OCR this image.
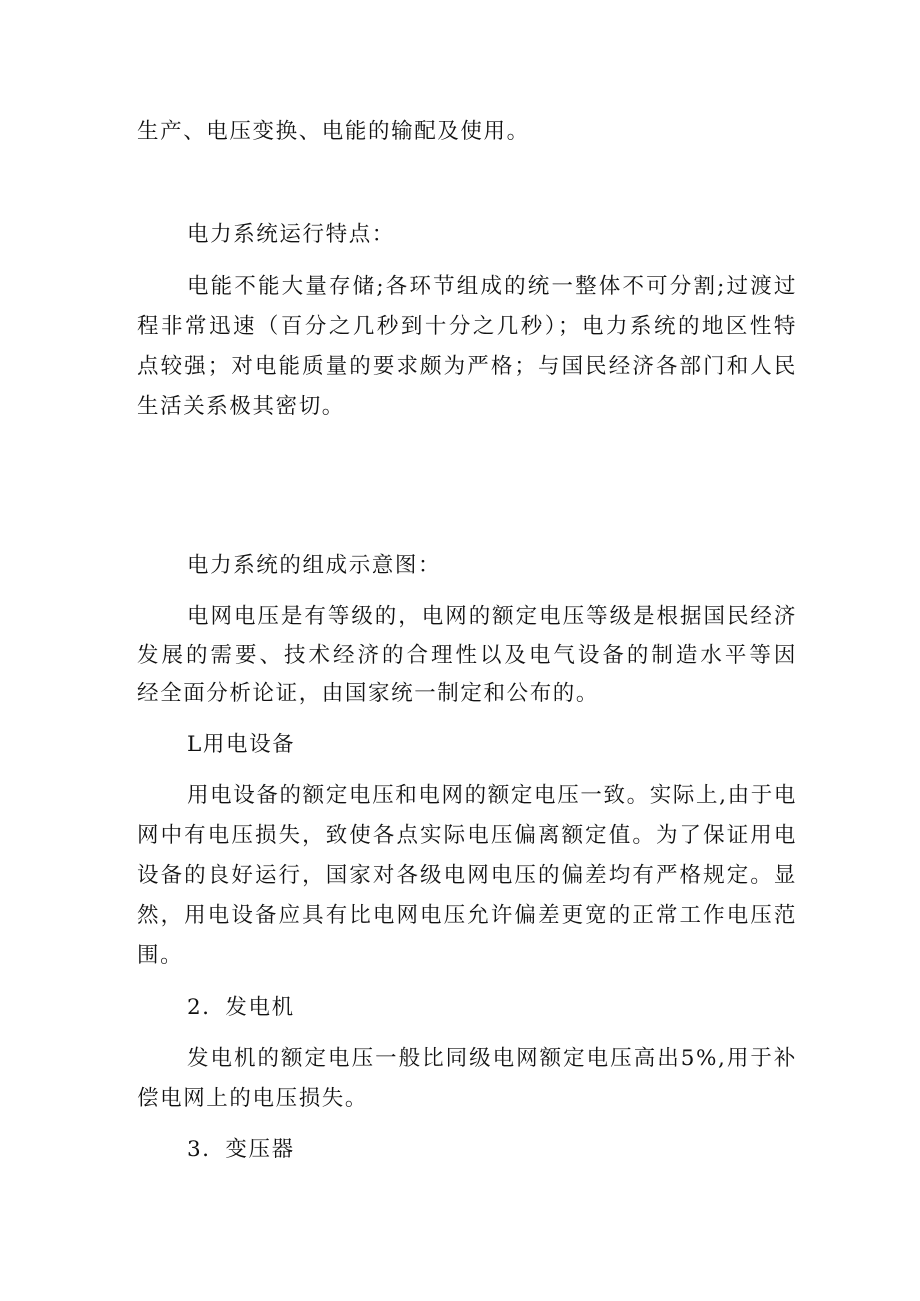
生产、电压变换、电能的输配及使用。
电力系统运行特点：
电能不能大量存储;各环节组成的统一整体不可分割;过渡过
程非常迅速（百分之几秒到十分之几秒）；电力系统的地区性特
点较强；对电能质量的要求颇为严格；与国民经济各部门和人民
生活关系极其密切。
电力系统的组成示意图：
电网电压是有等级的，电网的额定电压等级是根据国民经济
发展的需要、技术经济的合理性以及电气设备的制造水平等因
经全面分析论证，由国家统一制定和公布的。
L用电设备
用电设备的额定电压和电网的额定电压一致。实际上,由于电
网中有电压损失，致使各点实际电压偏离额定值。为了保证用电
设备的良好运行，国家对各级电网电压的偏差均有严格规定。显
然，用电设备应具有比电网电压允许偏差更宽的正常工作电压范
围。
2．发电机
发电机的额定电压一般比同级电网额定电压高出5%,用于补
偿电网上的电压损失。
3．变压器
